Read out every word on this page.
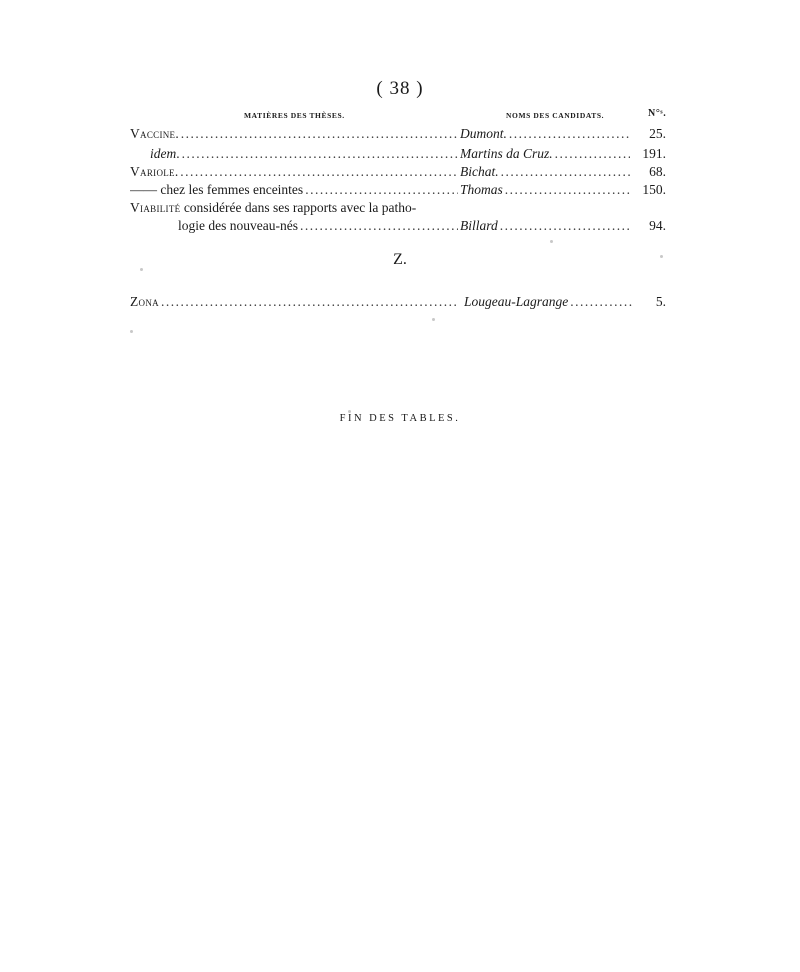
( 38 )
MATIÈRES DES THÈSES.	NOMS DES CANDIDATS.	N°ˢ.
Vaccine. .....	Dumont. .....	25.
idem. .....	Martins da Cruz. .....	191.
Variole. .....	Bichat. .....	68.
—— chez les femmes enceintes .....	Thomas .....	150.
Viabilité considérée dans ses rapports avec la patho-
logie des nouveau-nés .....	Billard .....	94.
Z.
Zona .....	Lougeau-Lagrange .....	5.
FIN DES TABLES.
